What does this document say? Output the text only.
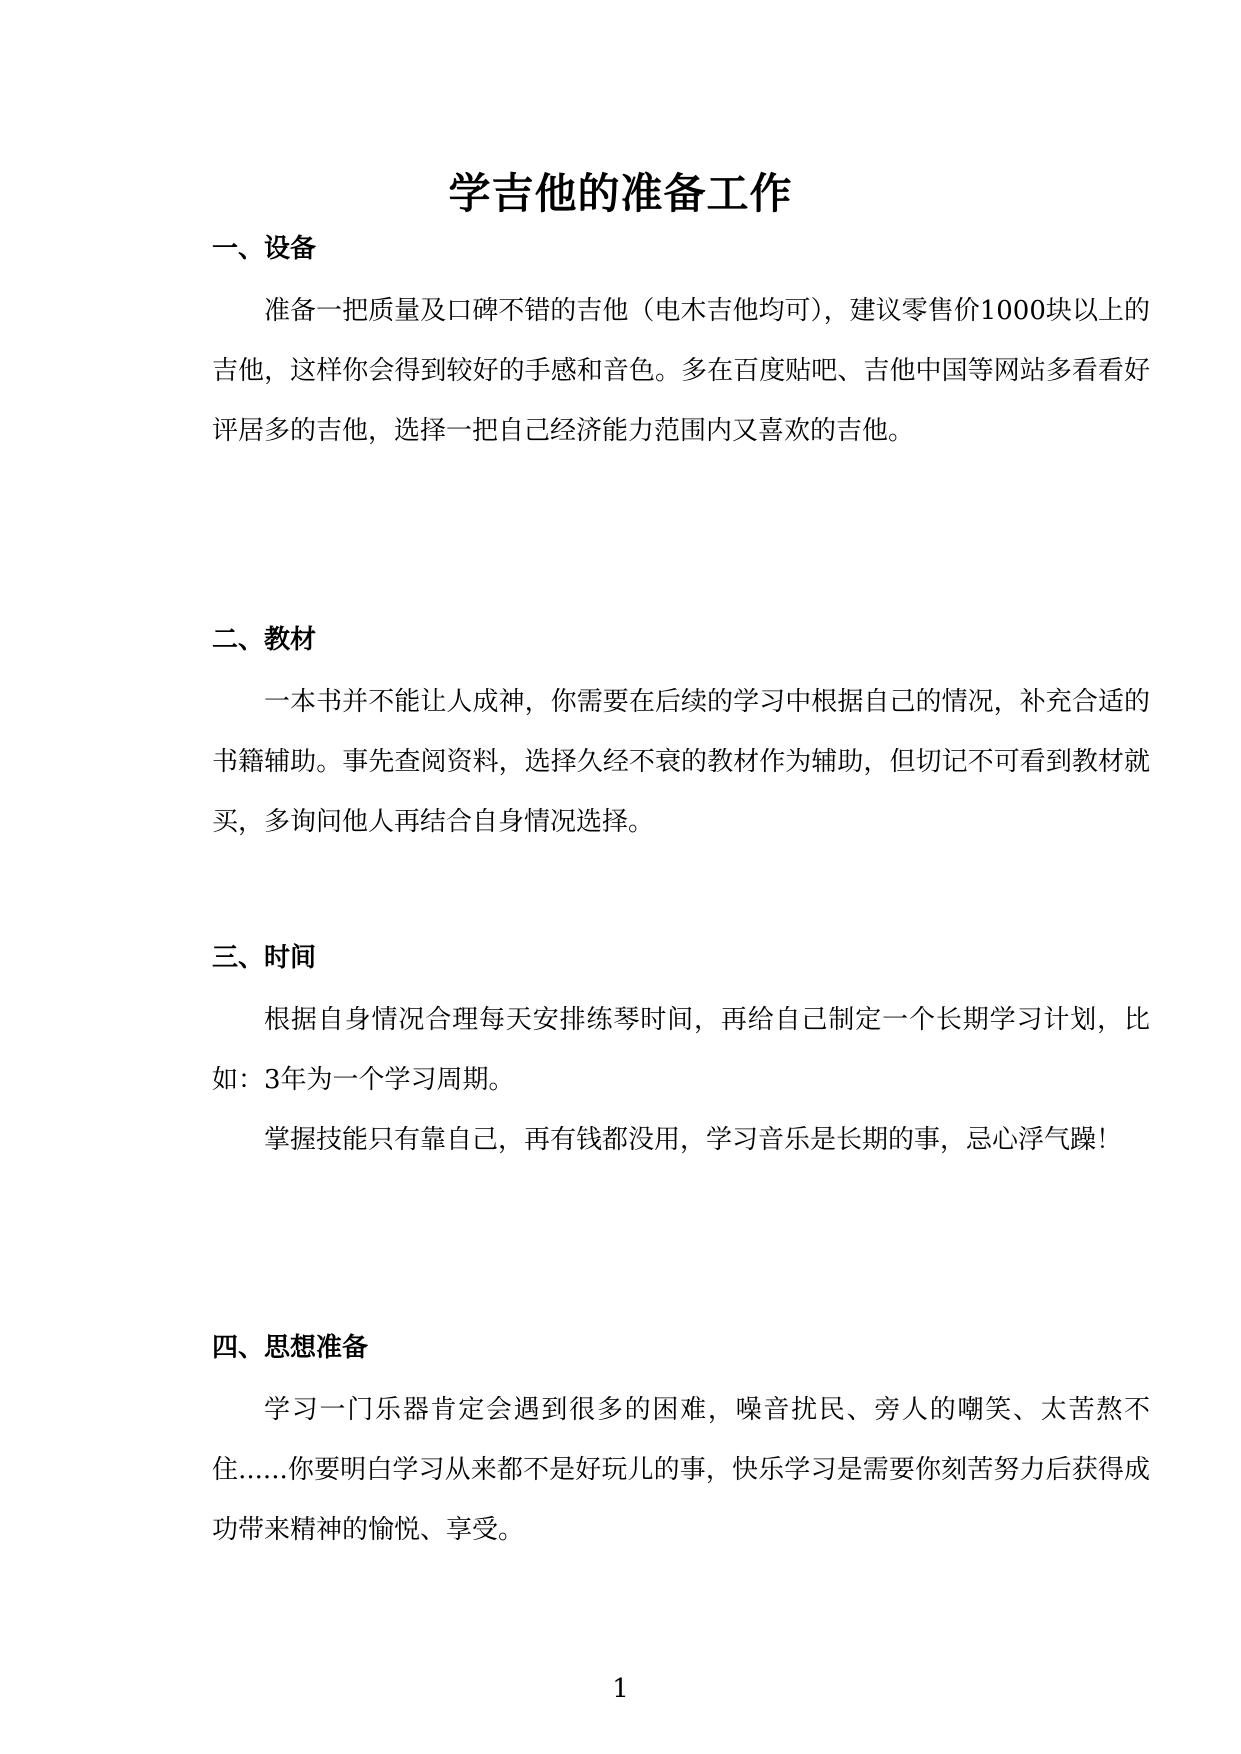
学吉他的准备工作
一、设备

准备一把质量及口碑不错的吉他（电木吉他均可），建议零售价1000块以上的吉他，这样你会得到较好的手感和音色。多在百度贴吧、吉他中国等网站多看看好评居多的吉他，选择一把自己经济能力范围内又喜欢的吉他。

二、教材

一本书并不能让人成神，你需要在后续的学习中根据自己的情况，补充合适的书籍辅助。事先查阅资料，选择久经不衰的教材作为辅助，但切记不可看到教材就买，多询问他人再结合自身情况选择。

三、时间

根据自身情况合理每天安排练琴时间，再给自己制定一个长期学习计划，比如：3年为一个学习周期。

掌握技能只有靠自己，再有钱都没用，学习音乐是长期的事，忌心浮气躁！

四、思想准备

学习一门乐器肯定会遇到很多的困难，噪音扰民、旁人的嘲笑、太苦熬不住......你要明白学习从来都不是好玩儿的事，快乐学习是需要你刻苦努力后获得成功带来精神的愉悦、享受。

1
